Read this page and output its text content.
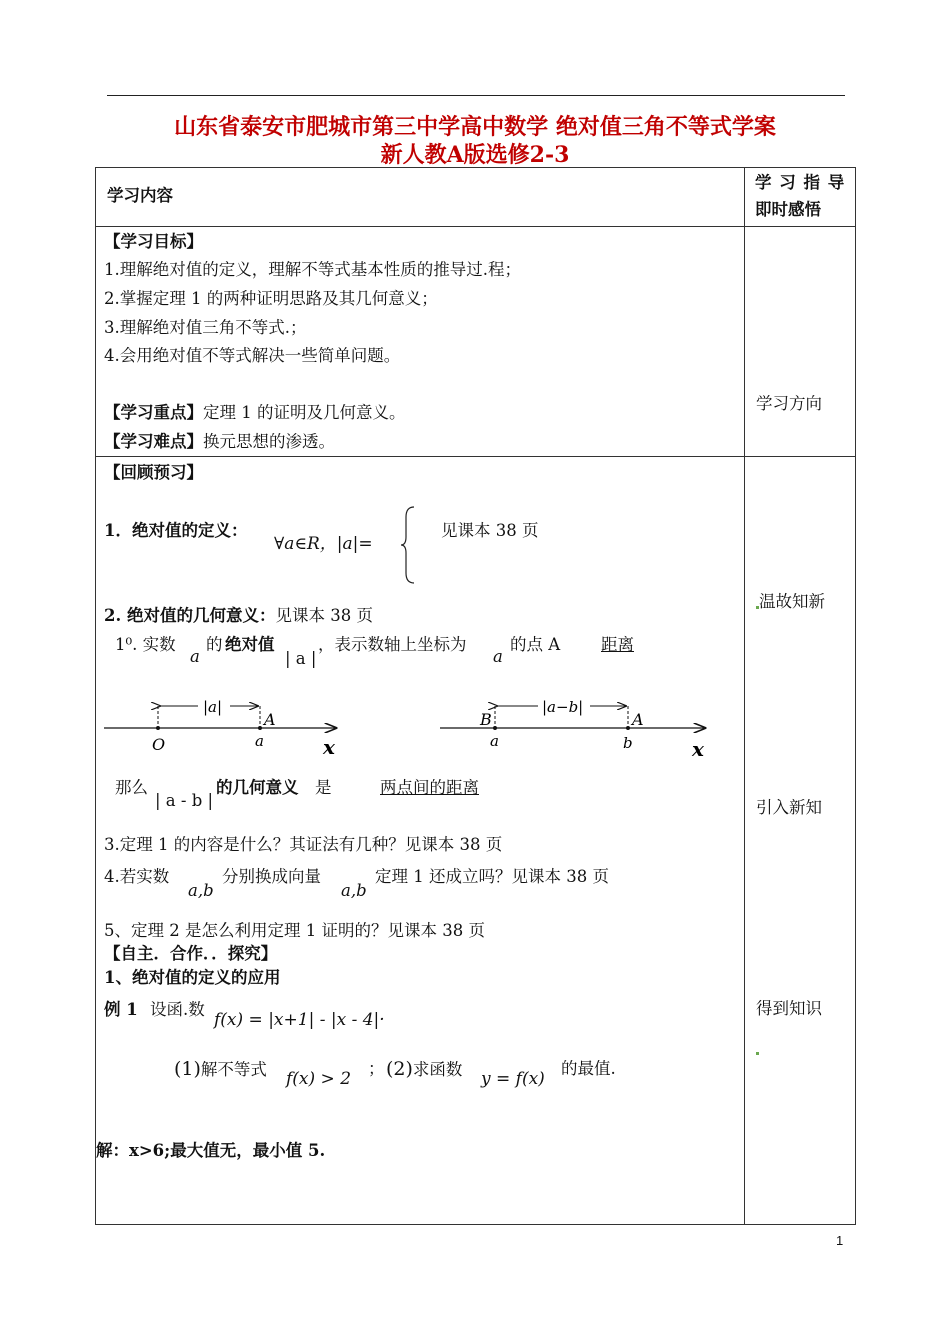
山东省泰安市肥城市第三中学高中数学 绝对值三角不等式学案
新人教A版选修2-3
学习内容
学 习 指 导
即时感悟
【学习目标】
1.理解绝对值的定义，理解不等式基本性质的推导过.程；
2.掌握定理 1 的两种证明思路及其几何意义；
3.理解绝对值三角不等式.；
4.会用绝对值不等式解决一些简单问题。
【学习重点】定理 1 的证明及几何意义。
【学习难点】换元思想的渗透。
学习方向
【回顾预习】
1．绝对值的定义：
∀a∈R，|a|=
见课本 38 页
2. 绝对值的几何意义：见课本 38 页
1⁰. 实数
a
的 绝对值
| a |
，表示数轴上坐标为
a
的点 A	距离
|a|
A
O	a	x
|a−b|
B	A
a	b	x
那么
| a - b |
的几何意义 是	两点间的距离
3.定理 1 的内容是什么？其证法有几种？见课本 38 页
4.若实数
a,b
分别换成向量
a,b
定理 1 还成立吗？见课本 38 页
5、定理 2 是怎么利用定理 1 证明的？见课本 38 页
【自主．合作．．探究】
1、绝对值的定义的应用
例 1 设函.数
f(x) = |x+1| - |x - 4|·
(1)解不等式 f(x) > 2
； (2)求函数 y = f(x)
的最值.
解：x>6;最大值无，最小值 5.
温故知新
引入新知
得到知识
1
